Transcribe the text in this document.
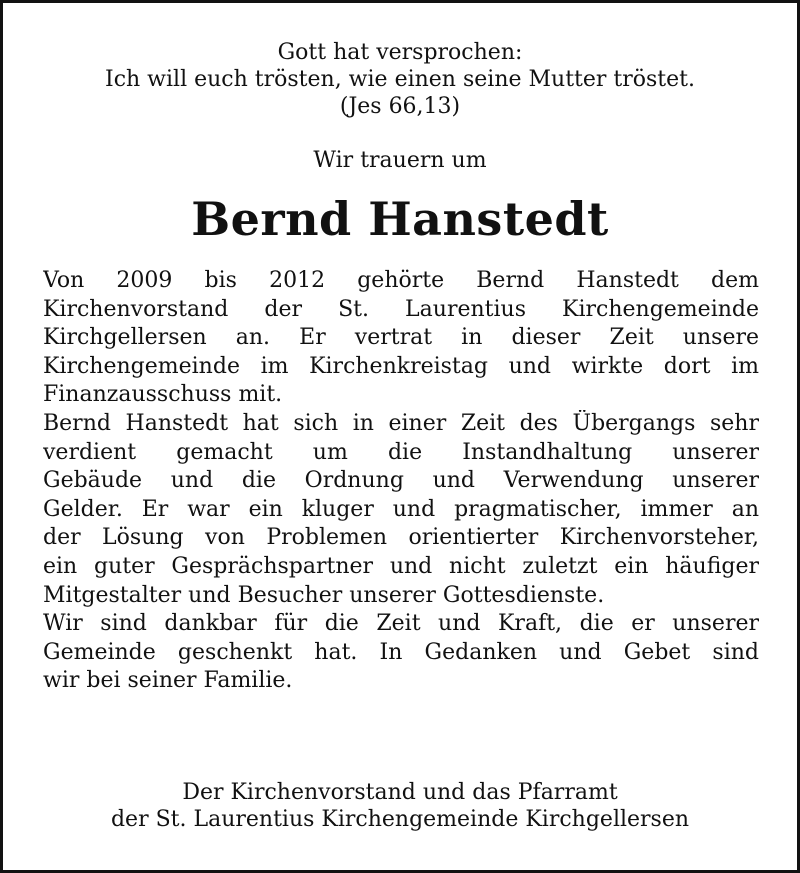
Gott hat versprochen:
Ich will euch trösten, wie einen seine Mutter tröstet.
(Jes 66,13)
Wir trauern um
Bernd Hanstedt
Von 2009 bis 2012 gehörte Bernd Hanstedt dem
Kirchenvorstand der St. Laurentius Kirchengemeinde
Kirchgellersen an. Er vertrat in dieser Zeit unsere
Kirchengemeinde im Kirchenkreistag und wirkte dort im
Finanzausschuss mit.
Bernd Hanstedt hat sich in einer Zeit des Übergangs sehr
verdient gemacht um die Instandhaltung unserer
Gebäude und die Ordnung und Verwendung unserer
Gelder. Er war ein kluger und pragmatischer, immer an
der Lösung von Problemen orientierter Kirchenvorsteher,
ein guter Gesprächspartner und nicht zuletzt ein häufiger
Mitgestalter und Besucher unserer Gottesdienste.
Wir sind dankbar für die Zeit und Kraft, die er unserer
Gemeinde geschenkt hat. In Gedanken und Gebet sind
wir bei seiner Familie.
Der Kirchenvorstand und das Pfarramt
der St. Laurentius Kirchengemeinde Kirchgellersen
